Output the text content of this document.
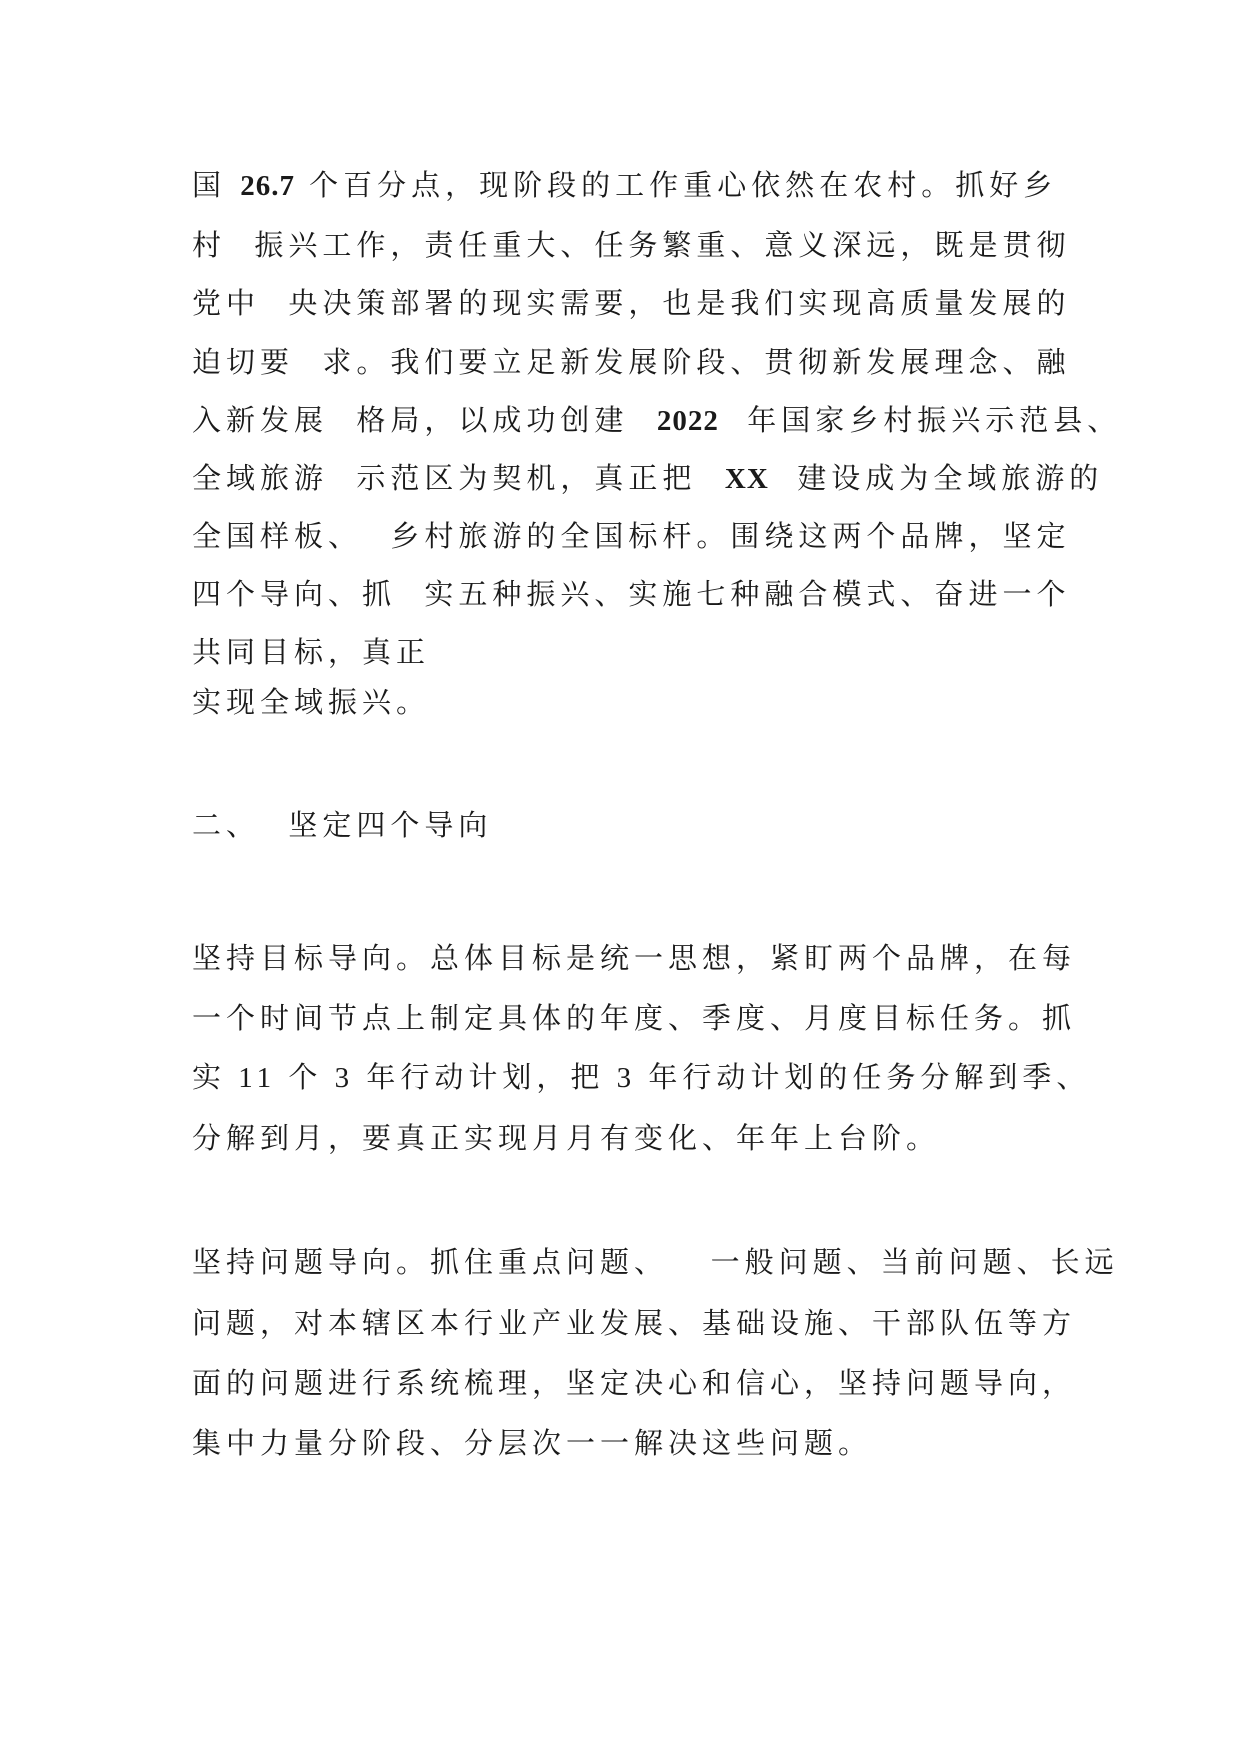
国 26.7 个百分点，现阶段的工作重心依然在农村。抓好乡

村  振兴工作，责任重大、任务繁重、意义深远，既是贯彻

党中  央决策部署的现实需要，也是我们实现高质量发展的

迫切要  求。我们要立足新发展阶段、贯彻新发展理念、融

入新发展  格局，以成功创建  2022  年国家乡村振兴示范县、

全域旅游  示范区为契机，真正把  XX  建设成为全域旅游的

全国样板、  乡村旅游的全国标杆。围绕这两个品牌，坚定

四个导向、抓  实五种振兴、实施七种融合模式、奋进一个

共同目标，真正

实现全域振兴。

二、  坚定四个导向

坚持目标导向。总体目标是统一思想，紧盯两个品牌，在每

一个时间节点上制定具体的年度、季度、月度目标任务。抓

实 11 个 3 年行动计划，把 3 年行动计划的任务分解到季、

分解到月，要真正实现月月有变化、年年上台阶。

坚持问题导向。抓住重点问题、   一般问题、当前问题、长远

问题，对本辖区本行业产业发展、基础设施、干部队伍等方

面的问题进行系统梳理，坚定决心和信心，坚持问题导向，

集中力量分阶段、分层次一一解决这些问题。
